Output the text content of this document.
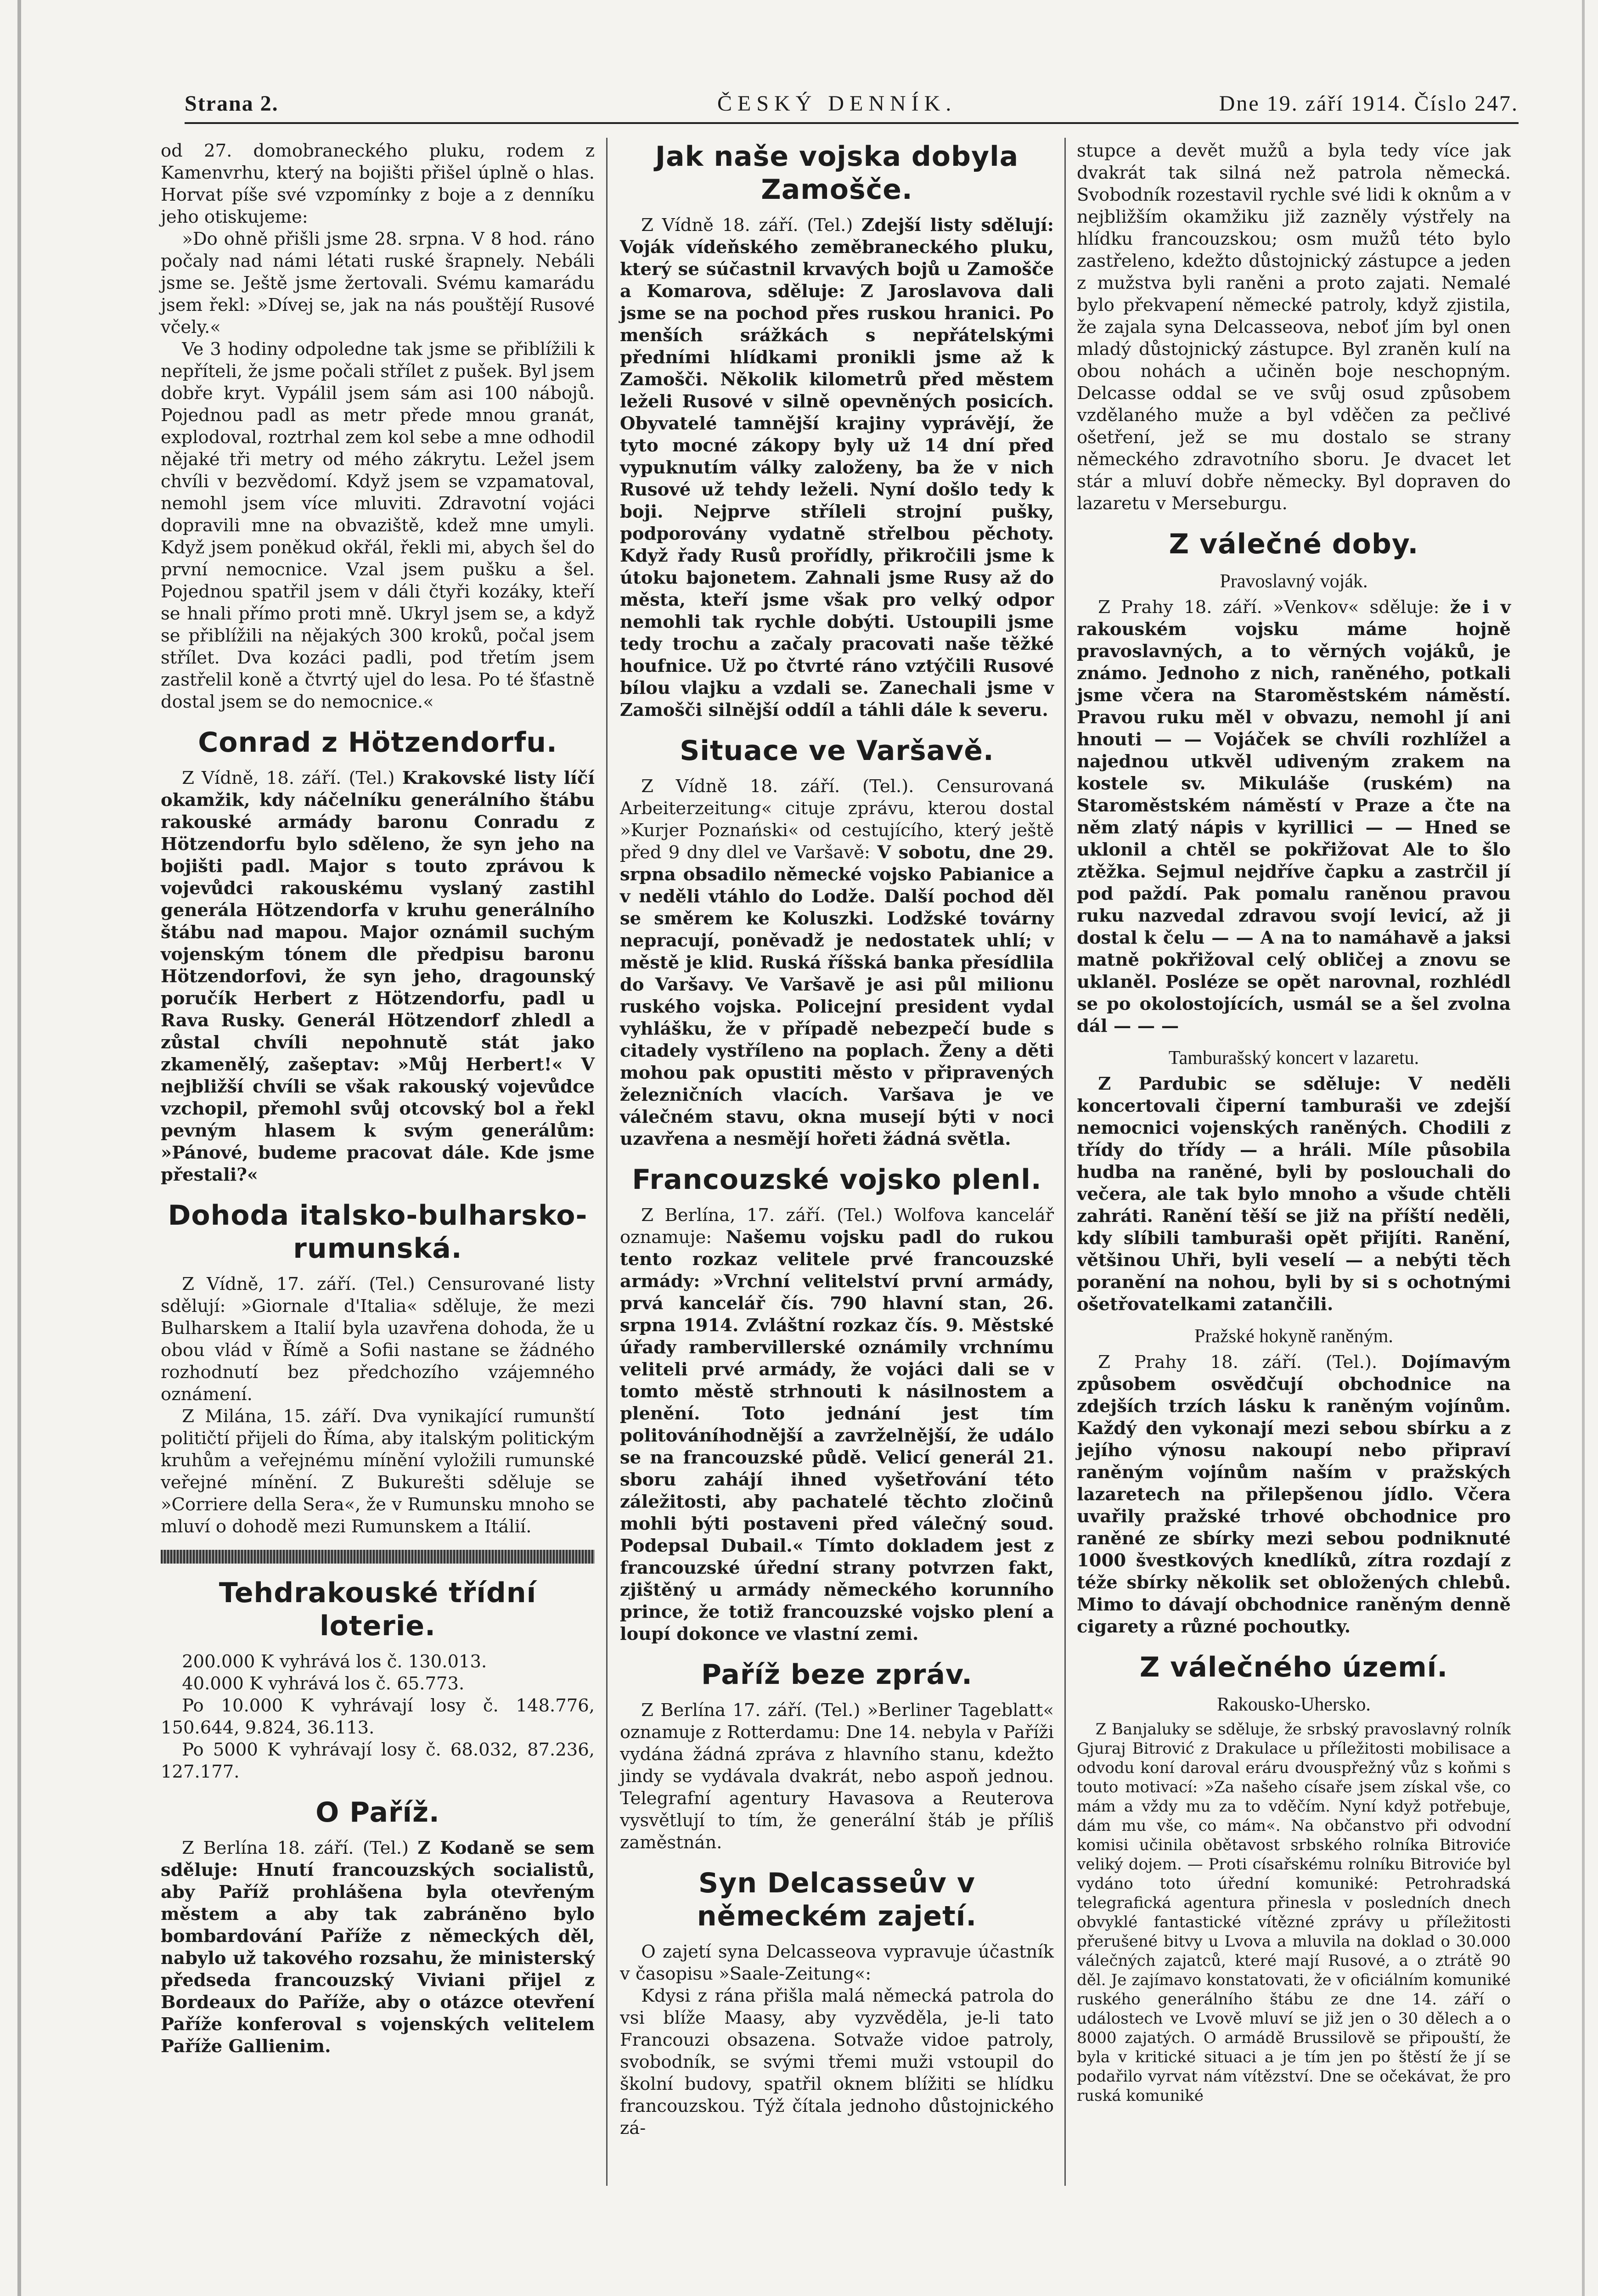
Strana 2.	ČESKÝ DENNÍK.	Dne 19. září 1914. Číslo 247.

od 27. domobraneckého pluku, rodem z Kamenvrhu, který na bojišti přišel úplně o hlas. Horvat píše své vzpomínky z boje a z denníku jeho otiskujeme:

»Do ohně přišli jsme 28. srpna. V 8 hod. ráno počaly nad námi létati ruské šrapnely. Nebáli jsme se. Ještě jsme žertovali. Svému kamarádu jsem řekl: »Dívej se, jak na nás pouštějí Rusové včely.«

Ve 3 hodiny odpoledne tak jsme se přiblížili k nepříteli, že jsme počali střílet z pušek. Byl jsem dobře kryt. Vypálil jsem sám asi 100 nábojů. Pojednou padl as metr přede mnou granát, explodoval, roztrhal zem kol sebe a mne odhodil nějaké tři metry od mého zákrytu. Ležel jsem chvíli v bezvědomí. Když jsem se vzpamatoval, nemohl jsem více mluviti. Zdravotní vojáci dopravili mne na obvaziště, kdež mne umyli. Když jsem poněkud okřál, řekli mi, abych šel do první nemocnice. Vzal jsem pušku a šel. Pojednou spatřil jsem v dáli čtyři kozáky, kteří se hnali přímo proti mně. Ukryl jsem se, a když se přiblížili na nějakých 300 kroků, počal jsem střílet. Dva kozáci padli, pod třetím jsem zastřelil koně a čtvrtý ujel do lesa. Po té šťastně dostal jsem se do nemocnice.«

Conrad z Hötzendorfu.

Z Vídně, 18. září. (Tel.) Krakovské listy líčí okamžik, kdy náčelníku generálního štábu rakouské armády baronu Conradu z Hötzendorfu bylo sděleno, že syn jeho na bojišti padl. Major s touto zprávou k vojevůdci rakouskému vyslaný zastihl generála Hötzendorfa v kruhu generálního štábu nad mapou. Major oznámil suchým vojenským tónem dle předpisu baronu Hötzendorfovi, že syn jeho, dragounský poručík Herbert z Hötzendorfu, padl u Rava Rusky. Generál Hötzendorf zhledl a zůstal chvíli nepohnutě stát jako zkamenělý, zašeptav: »Můj Herbert!« V nejbližší chvíli se však rakouský vojevůdce vzchopil, přemohl svůj otcovský bol a řekl pevným hlasem k svým generálům: »Pánové, budeme pracovat dále. Kde jsme přestali?«

Dohoda italsko-bulharsko-rumunská.

Z Vídně, 17. září. (Tel.) Censurované listy sdělují: »Giornale d'Italia« sděluje, že mezi Bulharskem a Italií byla uzavřena dohoda, že u obou vlád v Římě a Sofii nastane se žádného rozhodnutí bez předchozího vzájemného oznámení.

Z Milána, 15. září. Dva vynikající rumunští političtí přijeli do Říma, aby italským politickým kruhům a veřejnému mínění vyložili rumunské veřejné mínění. Z Bukurešti sděluje se »Corriere della Sera«, že v Rumunsku mnoho se mluví o dohodě mezi Rumunskem a Itálií.

Tehdrakouské třídní loterie.

200.000 K vyhrává los č. 130.013.

40.000 K vyhrává los č. 65.773.

Po 10.000 K vyhrávají losy č. 148.776, 150.644, 9.824, 36.113.

Po 5000 K vyhrávají losy č. 68.032, 87.236, 127.177.

O Paříž.

Z Berlína 18. září. (Tel.) Z Kodaně se sem sděluje: Hnutí francouzských socialistů, aby Paříž prohlášena byla otevřeným městem a aby tak zabráněno bylo bombardování Paříže z německých děl, nabylo už takového rozsahu, že ministerský předseda francouzský Viviani přijel z Bordeaux do Paříže, aby o otázce otevření Paříže konferoval s vojenských velitelem Paříže Gallienim.

Jak naše vojska dobyla Zamošče.

Z Vídně 18. září. (Tel.) Zdejší listy sdělují: Voják vídeňského zeměbraneckého pluku, který se súčastnil krvavých bojů u Zamošče a Komarova, sděluje: Z Jaroslavova dali jsme se na pochod přes ruskou hranici. Po menších srážkách s nepřátelskými předními hlídkami pronikli jsme až k Zamošči. Několik kilometrů před městem leželi Rusové v silně opevněných posicích. Obyvatelé tamnější krajiny vyprávějí, že tyto mocné zákopy byly už 14 dní před vypuknutím války založeny, ba že v nich Rusové už tehdy leželi. Nyní došlo tedy k boji. Nejprve stříleli strojní pušky, podporovány vydatně střelbou pěchoty. Když řady Rusů prořídly, přikročili jsme k útoku bajonetem. Zahnali jsme Rusy až do města, kteří jsme však pro velký odpor nemohli tak rychle dobýti. Ustoupili jsme tedy trochu a začaly pracovati naše těžké houfnice. Už po čtvrté ráno vztýčili Rusové bílou vlajku a vzdali se. Zanechali jsme v Zamošči silnější oddíl a táhli dále k severu.

Situace ve Varšavě.

Z Vídně 18. září. (Tel.). Censurovaná Arbeiterzeitung« cituje zprávu, kterou dostal »Kurjer Poznański« od cestujícího, který ještě před 9 dny dlel ve Varšavě: V sobotu, dne 29. srpna obsadilo německé vojsko Pabianice a v neděli vtáhlo do Lodže. Další pochod děl se směrem ke Koluszki. Lodžské továrny nepracují, poněvadž je nedostatek uhlí; v městě je klid. Ruská říšská banka přesídlila do Varšavy. Ve Varšavě je asi půl milionu ruského vojska. Policejní president vydal vyhlášku, že v případě nebezpečí bude s citadely vystříleno na poplach. Ženy a děti mohou pak opustiti město v připravených železničních vlacích. Varšava je ve válečném stavu, okna musejí býti v noci uzavřena a nesmějí hořeti žádná světla.

Francouzské vojsko plenl.

Z Berlína, 17. září. (Tel.) Wolfova kancelář oznamuje: Našemu vojsku padl do rukou tento rozkaz velitele prvé francouzské armády: »Vrchní velitelství první armády, prvá kancelář čís. 790 hlavní stan, 26. srpna 1914. Zvláštní rozkaz čís. 9. Městské úřady rambervillerské oznámily vrchnímu veliteli prvé armády, že vojáci dali se v tomto městě strhnouti k násilnostem a plenění. Toto jednání jest tím politováníhodnější a zavrželnější, že událo se na francouzské půdě. Velicí generál 21. sboru zahájí ihned vyšetřování této záležitosti, aby pachatelé těchto zločinů mohli býti postaveni před válečný soud. Podepsal Dubail.« Tímto dokladem jest z francouzské úřední strany potvrzen fakt, zjištěný u armády německého korunního prince, že totiž francouzské vojsko plení a loupí dokonce ve vlastní zemi.

Paříž beze zpráv.

Z Berlína 17. září. (Tel.) »Berliner Tageblatt« oznamuje z Rotterdamu: Dne 14. nebyla v Paříži vydána žádná zpráva z hlavního stanu, kdežto jindy se vydávala dvakrát, nebo aspoň jednou. Telegrafní agentury Havasova a Reuterova vysvětlují to tím, že generální štáb je příliš zaměstnán.

Syn Delcasseův v německém zajetí.

O zajetí syna Delcasseova vypravuje účastník v časopisu »Saale-Zeitung«:

Kdysi z rána přišla malá německá patrola do vsi blíže Maasy, aby vyzvěděla, je-li tato Francouzi obsazena. Sotvaže vidoe patroly, svobodník, se svými třemi muži vstoupil do školní budovy, spatřil oknem blížiti se hlídku francouzskou. Týž čítala jednoho důstojnického zá-

stupce a devět mužů a byla tedy více jak dvakrát tak silná než patrola německá. Svobodník rozestavil rychle své lidi k oknům a v nejbližším okamžiku již zazněly výstřely na hlídku francouzskou; osm mužů této bylo zastřeleno, kdežto důstojnický zástupce a jeden z mužstva byli raněni a proto zajati. Nemalé bylo překvapení německé patroly, když zjistila, že zajala syna Delcasseova, neboť jím byl onen mladý důstojnický zástupce. Byl zraněn kulí na obou nohách a učiněn boje neschopným. Delcasse oddal se ve svůj osud způsobem vzdělaného muže a byl vděčen za pečlivé ošetření, jež se mu dostalo se strany německého zdravotního sboru. Je dvacet let stár a mluví dobře německy. Byl dopraven do lazaretu v Merseburgu.

Z válečné doby.
Pravoslavný voják.

Z Prahy 18. září. »Venkov« sděluje: že i v rakouském vojsku máme hojně pravoslavných, a to věrných vojáků, je známo. Jednoho z nich, raněného, potkali jsme včera na Staroměstském náměstí. Pravou ruku měl v obvazu, nemohl jí ani hnouti — — Vojáček se chvíli rozhlížel a najednou utkvěl udiveným zrakem na kostele sv. Mikuláše (ruském) na Staroměstském náměstí v Praze a čte na něm zlatý nápis v kyrillici — — Hned se uklonil a chtěl se pokřižovat Ale to šlo ztěžka. Sejmul nejdříve čapku a zastrčil jí pod paždí. Pak pomalu raněnou pravou ruku nazvedal zdravou svojí levicí, až ji dostal k čelu — — A na to namáhavě a jaksi matně pokřižoval celý obličej a znovu se uklaněl. Posléze se opět narovnal, rozhlédl se po okolostojících, usmál se a šel zvolna dál — — —

Tamburašský koncert v lazaretu.

Z Pardubic se sděluje: V neděli koncertovali čiperní tamburaši ve zdejší nemocnici vojenských raněných. Chodili z třídy do třídy — a hráli. Míle působila hudba na raněné, byli by poslouchali do večera, ale tak bylo mnoho a všude chtěli zahráti. Ranění těší se již na příští neděli, kdy slíbili tamburaši opět přijíti. Ranění, většinou Uhři, byli veselí — a nebýti těch poranění na nohou, byli by si s ochotnými ošetřovatelkami zatančili.

Pražské hokyně raněným.

Z Prahy 18. září. (Tel.). Dojímavým způsobem osvědčují obchodnice na zdejších trzích lásku k raněným vojínům. Každý den vykonají mezi sebou sbírku a z jejího výnosu nakoupí nebo připraví raněným vojínům naším v pražských lazaretech na přilepšenou jídlo. Včera uvařily pražské trhové obchodnice pro raněné ze sbírky mezi sebou podniknuté 1000 švestkových knedlíků, zítra rozdají z téže sbírky několik set obložených chlebů. Mimo to dávají obchodnice raněným denně cigarety a různé pochoutky.

Z válečného území.
Rakousko-Uhersko.

Z Banjaluky se sděluje, že srbský pravoslavný rolník Gjuraj Bitrović z Drakulace u příležitosti mobilisace a odvodu koní daroval eráru dvouspřežný vůz s koňmi s touto motivací: »Za našeho císaře jsem získal vše, co mám a vždy mu za to vděčím. Nyní když potřebuje, dám mu vše, co mám«. Na občanstvo při odvodní komisi učinila obětavost srbského rolníka Bitroviće veliký dojem. — Proti císařskému rolníku Bitroviće byl vydáno toto úřední komuniké: Petrohradská telegrafická agentura přinesla v posledních dnech obvyklé fantastické vítězné zprávy u příležitosti přerušené bitvy u Lvova a mluvila na doklad o 30.000 válečných zajatců, které mají Rusové, a o ztrátě 90 děl. Je zajímavo konstatovati, že v oficiálním komuniké ruského generálního štábu ze dne 14. září o událostech ve Lvově mluví se již jen o 30 dělech a o 8000 zajatých. O armádě Brussilově se připouští, že byla v kritické situaci a je tím jen po štěstí že jí se podařilo vyrvat nám vítězství. Dne se očekávat, že pro ruská komuniké
